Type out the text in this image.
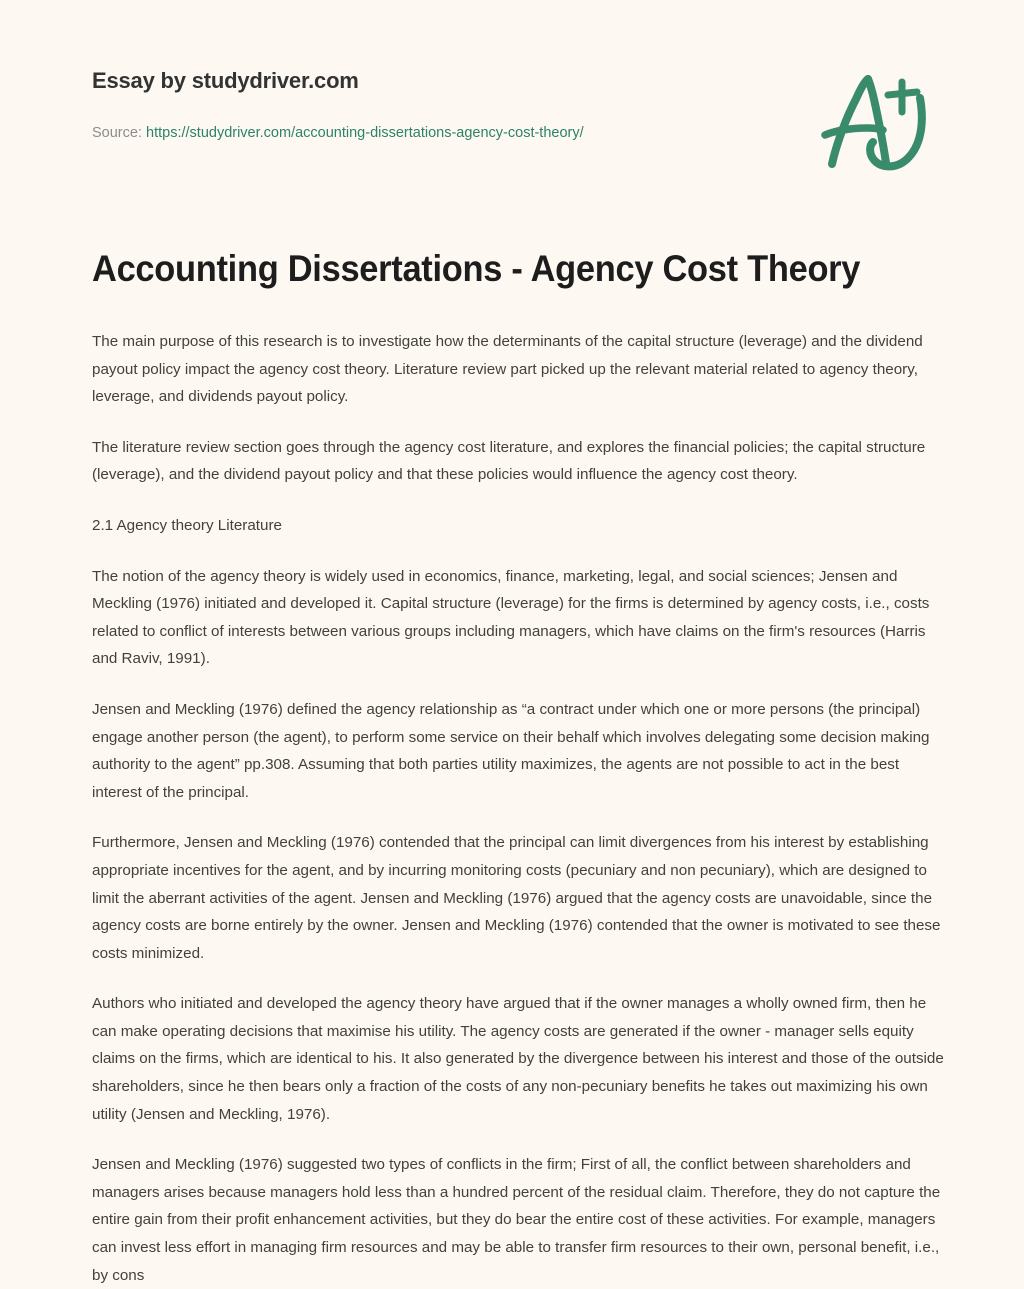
Essay by studydriver.com
Source: https://studydriver.com/accounting-dissertations-agency-cost-theory/
Accounting Dissertations - Agency Cost Theory

The main purpose of this research is to investigate how the determinants of the capital structure (leverage) and the dividend payout policy impact the agency cost theory. Literature review part picked up the relevant material related to agency theory, leverage, and dividends payout policy.

The literature review section goes through the agency cost literature, and explores the financial policies; the capital structure (leverage), and the dividend payout policy and that these policies would influence the agency cost theory.

2.1 Agency theory Literature

The notion of the agency theory is widely used in economics, finance, marketing, legal, and social sciences; Jensen and Meckling (1976) initiated and developed it. Capital structure (leverage) for the firms is determined by agency costs, i.e., costs related to conflict of interests between various groups including managers, which have claims on the firm's resources (Harris and Raviv, 1991).

Jensen and Meckling (1976) defined the agency relationship as “a contract under which one or more persons (the principal) engage another person (the agent), to perform some service on their behalf which involves delegating some decision making authority to the agent” pp.308. Assuming that both parties utility maximizes, the agents are not possible to act in the best interest of the principal.

Furthermore, Jensen and Meckling (1976) contended that the principal can limit divergences from his interest by establishing appropriate incentives for the agent, and by incurring monitoring costs (pecuniary and non pecuniary), which are designed to limit the aberrant activities of the agent. Jensen and Meckling (1976) argued that the agency costs are unavoidable, since the agency costs are borne entirely by the owner. Jensen and Meckling (1976) contended that the owner is motivated to see these costs minimized.

Authors who initiated and developed the agency theory have argued that if the owner manages a wholly owned firm, then he can make operating decisions that maximise his utility. The agency costs are generated if the owner - manager sells equity claims on the firms, which are identical to his. It also generated by the divergence between his interest and those of the outside shareholders, since he then bears only a fraction of the costs of any non-pecuniary benefits he takes out maximizing his own utility (Jensen and Meckling, 1976).

Jensen and Meckling (1976) suggested two types of conflicts in the firm; First of all, the conflict between shareholders and managers arises because managers hold less than a hundred percent of the residual claim. Therefore, they do not capture the entire gain from their profit enhancement activities, but they do bear the entire cost of these activities. For example, managers can invest less effort in managing firm resources and may be able to transfer firm resources to their own, personal benefit, i.e., by cons
